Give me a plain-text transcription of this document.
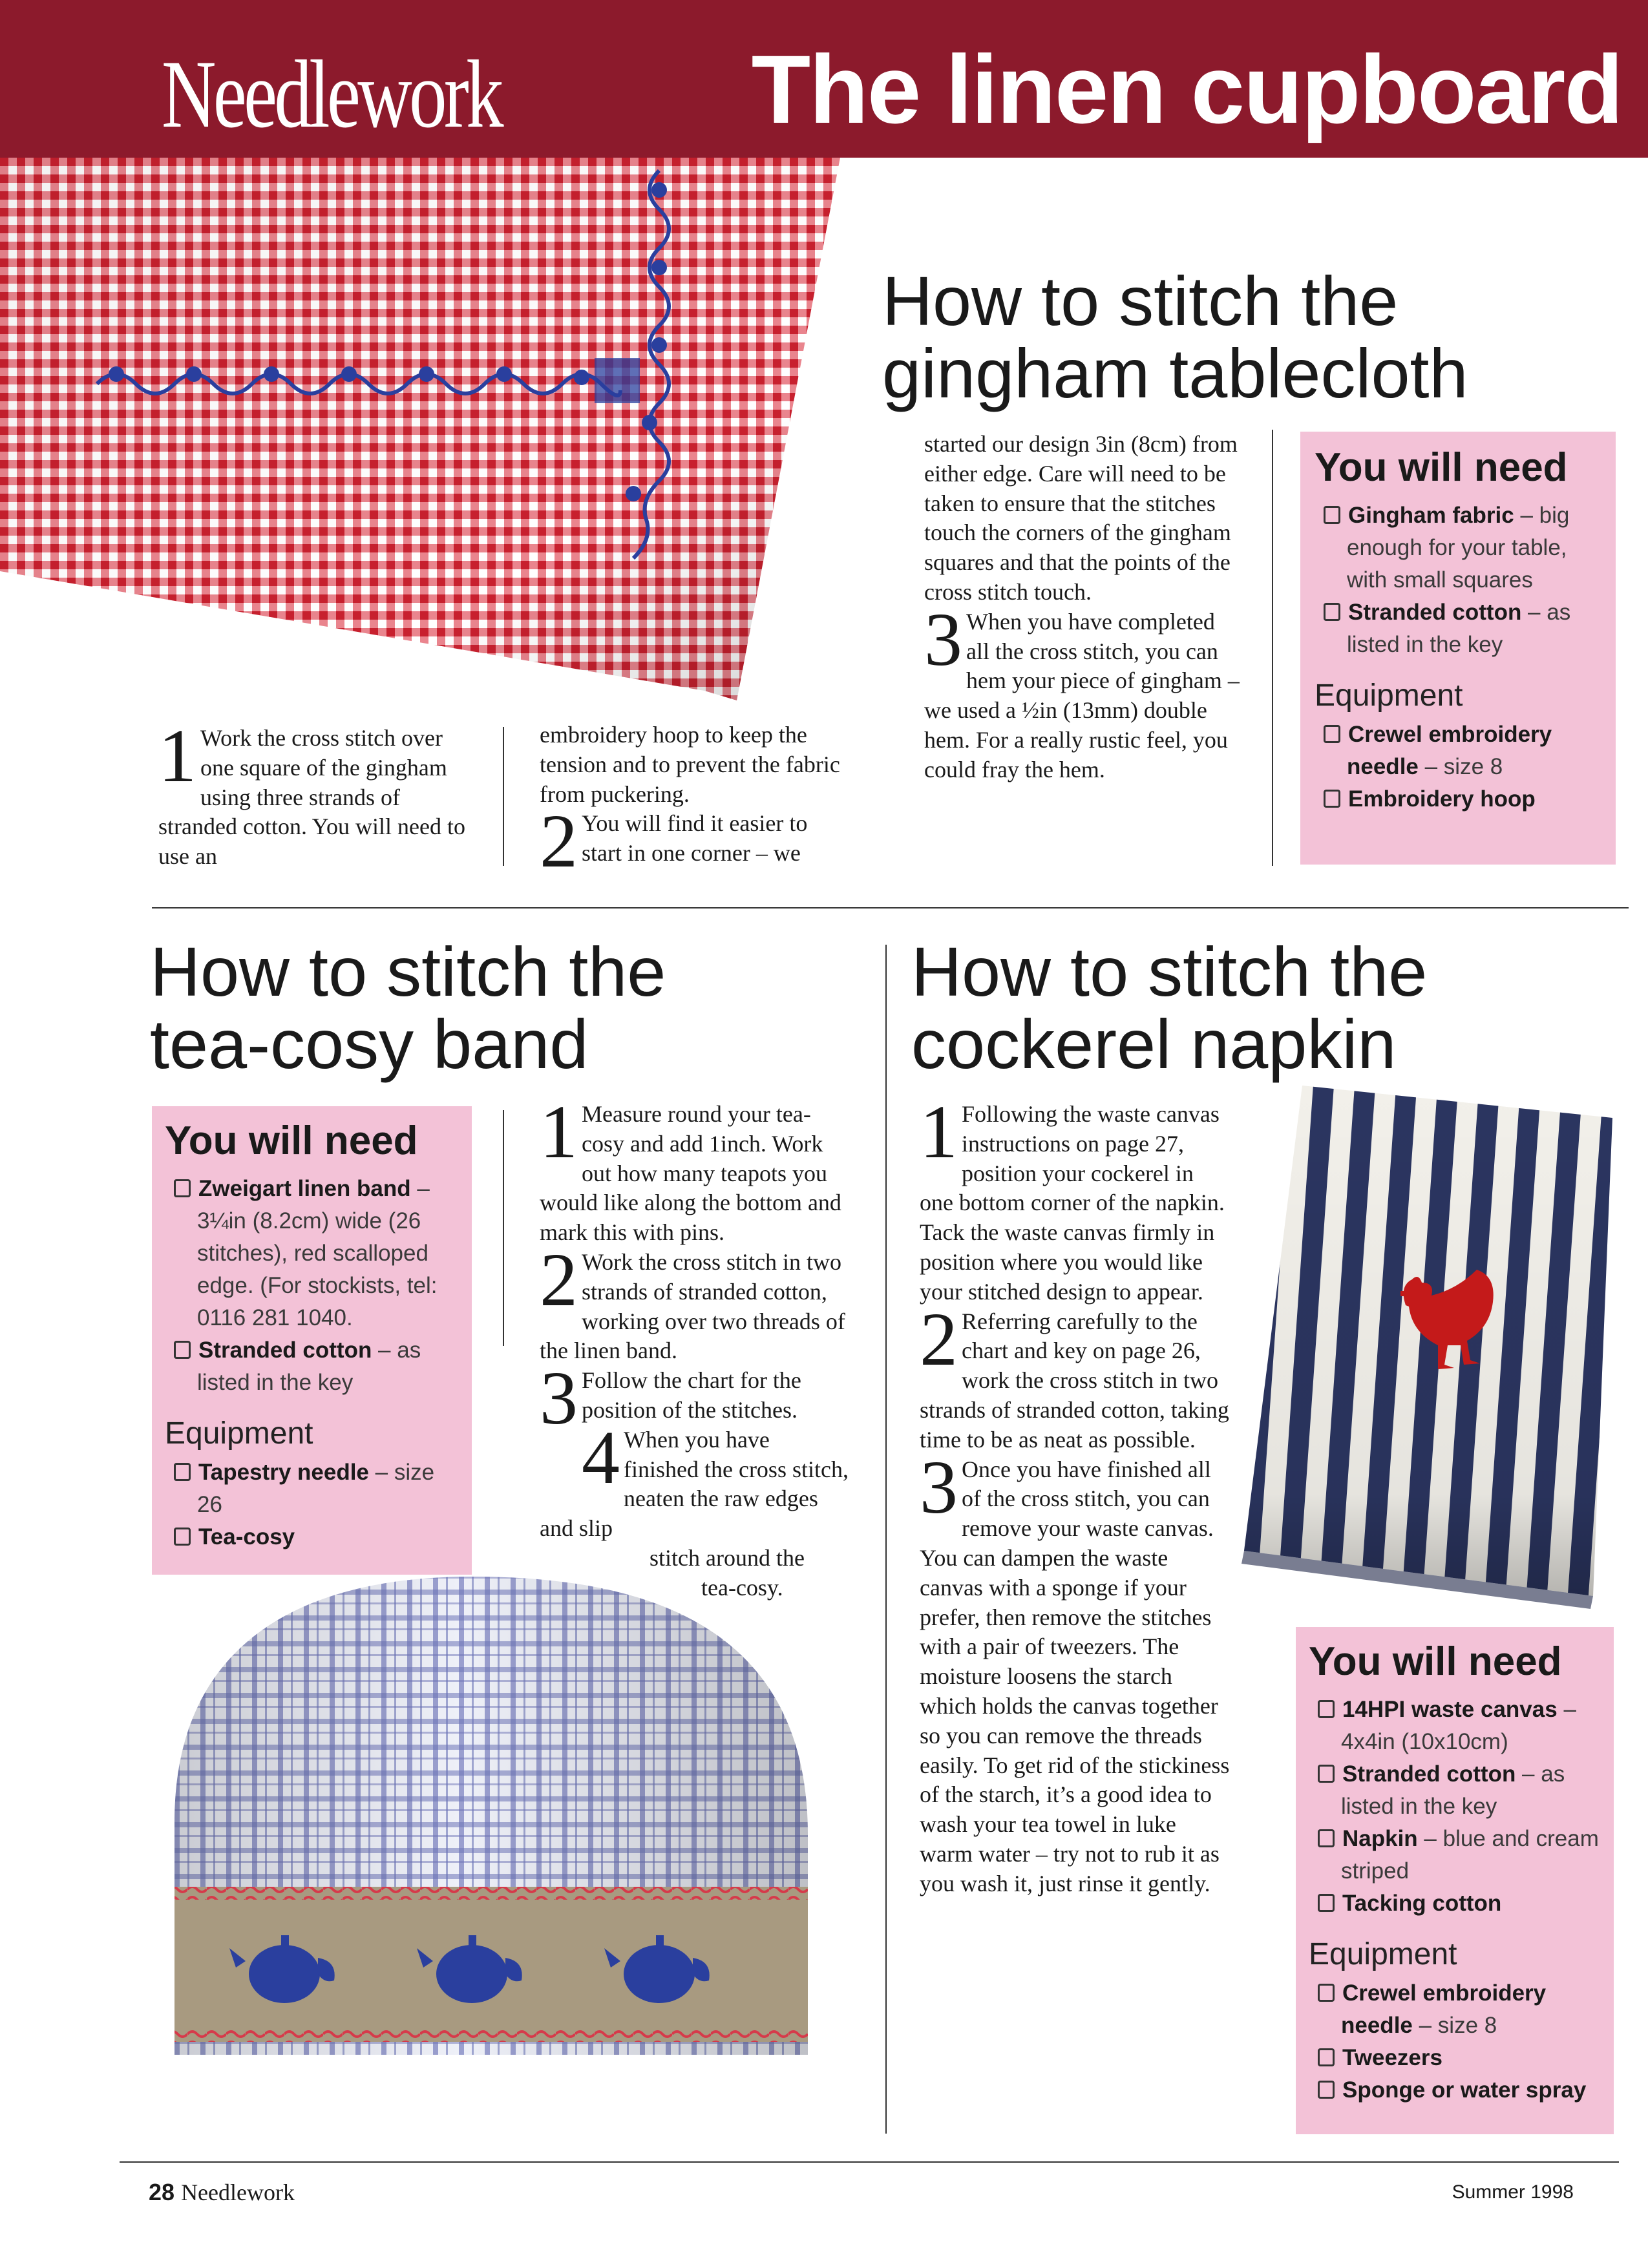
Needlework	The linen cupboard
How to stitch the
gingham tablecloth

1 Work the cross stitch over one square of the gingham using three strands of stranded cotton. You will need to use an

embroidery hoop to keep the tension and to prevent the fabric from puckering.

2 You will find it easier to start in one corner – we

started our design 3in (8cm) from either edge. Care will need to be taken to ensure that the stitches touch the corners of the gingham squares and that the points of the cross stitch touch.

3 When you have completed all the cross stitch, you can hem your piece of gingham – we used a ½in (13mm) double hem. For a really rustic feel, you could fray the hem.

You will need

Gingham fabric – big enough for your table, with small squares

Stranded cotton – as listed in the key

Equipment

Crewel embroidery needle – size 8

Embroidery hoop

How to stitch the
tea-cosy band
You will need

Zweigart linen band – 3¼in (8.2cm) wide (26 stitches), red scalloped edge. (For stockists, tel: 0116 281 1040.

Stranded cotton – as listed in the key

Equipment

Tapestry needle – size 26

Tea-cosy

1 Measure round your tea-cosy and add 1inch. Work out how many teapots you would like along the bottom and mark this with pins.

2 Work the cross stitch in two strands of stranded cotton, working over two threads of the linen band.

3 Follow the chart for the position of the stitches.

4 When you have finished the cross stitch, neaten the raw edges and slip

stitch around the

tea-cosy.

How to stitch the
cockerel napkin

1 Following the waste canvas instructions on page 27, position your cockerel in one bottom corner of the napkin. Tack the waste canvas firmly in position where you would like your stitched design to appear.

2 Referring carefully to the chart and key on page 26, work the cross stitch in two strands of stranded cotton, taking time to be as neat as possible.

3 Once you have finished all of the cross stitch, you can remove your waste canvas. You can dampen the waste canvas with a sponge if your prefer, then remove the stitches with a pair of tweezers. The moisture loosens the starch which holds the canvas together so you can remove the threads easily. To get rid of the stickiness of the starch, it’s a good idea to wash your tea towel in luke warm water – try not to rub it as you wash it, just rinse it gently.

You will need

14HPI waste canvas – 4x4in (10x10cm)

Stranded cotton – as listed in the key

Napkin – blue and cream striped

Tacking cotton

Equipment

Crewel embroidery needle – size 8

Tweezers

Sponge or water spray

28 Needlework	Summer 1998
